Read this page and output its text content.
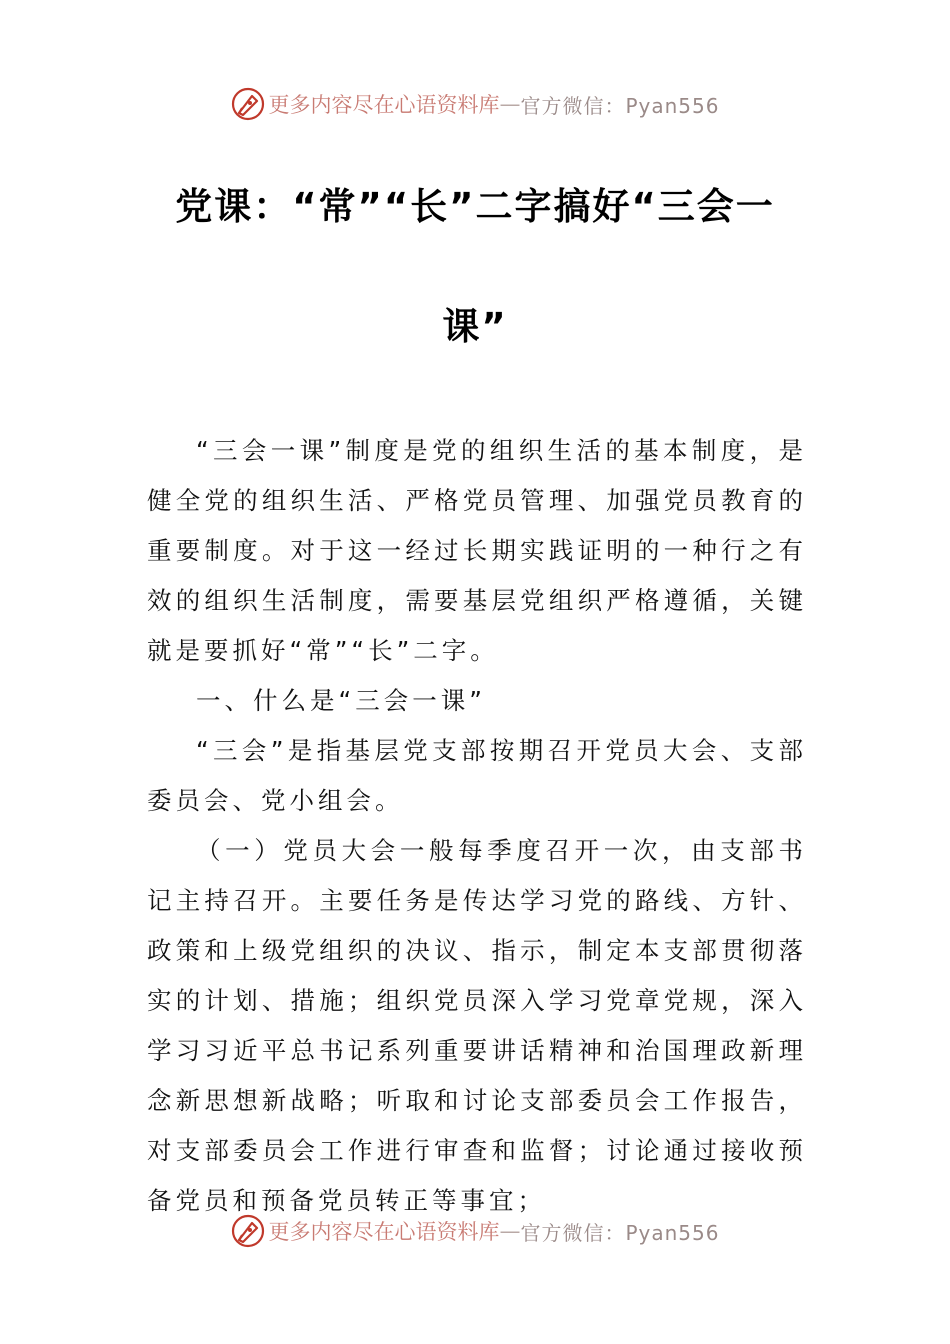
更多内容尽在心语资料库 — 官方微信：Pyan556
党课：“常”“长”二字搞好“三会一
课”

“三会一课”制度是党的组织生活的基本制度，是健全党的组织生活、严格党员管理、加强党员教育的重要制度。对于这一经过长期实践证明的一种行之有效的组织生活制度，需要基层党组织严格遵循，关键就是要抓好“常”“长”二字。

一、什么是“三会一课”

“三会”是指基层党支部按期召开党员大会、支部委员会、党小组会。

（一）党员大会一般每季度召开一次，由支部书记主持召开。主要任务是传达学习党的路线、方针、政策和上级党组织的决议、指示，制定本支部贯彻落实的计划、措施；组织党员深入学习党章党规，深入学习习近平总书记系列重要讲话精神和治国理政新理念新思想新战略；听取和讨论支部委员会工作报告，对支部委员会工作进行审查和监督；讨论通过接收预备党员和预备党员转正等事宜；

更多内容尽在心语资料库 — 官方微信：Pyan556
